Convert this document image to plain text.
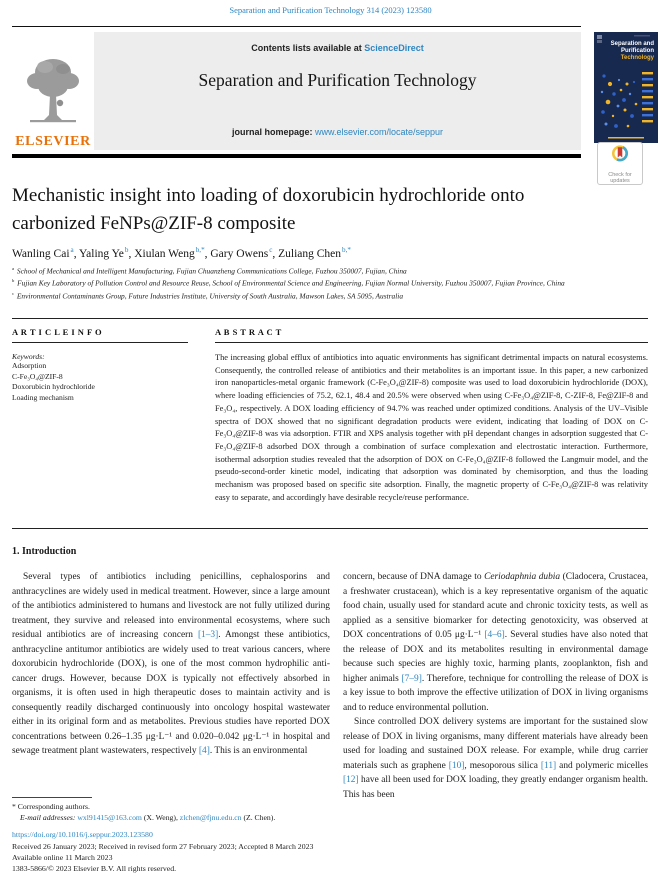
Separation and Purification Technology 314 (2023) 123580
ELSEVIER
Contents lists available at ScienceDirect
Separation and Purification Technology
journal homepage: www.elsevier.com/locate/seppur
Separation and
Purification
Technology
Check for
updates
Mechanistic insight into loading of doxorubicin hydrochloride onto
carbonized FeNPs@ZIF-8 composite
Wanling Cai$^a$, Yaling Ye$^b$, Xiulan Weng$^{b,*}$, Gary Owens$^c$, Zuliang Chen$^{b,*}$
$^a$ School of Mechanical and Intelligent Manufacturing, Fujian Chuanzheng Communications College, Fuzhou 350007, Fujian, China
$^b$ Fujian Key Laboratory of Pollution Control and Resource Reuse, School of Environmental Science and Engineering, Fujian Normal University, Fuzhou 350007, Fujian Province, China
$^c$ Environmental Contaminants Group, Future Industries Institute, University of South Australia, Mawson Lakes, SA 5095, Australia
A R T I C L E I N F O
Keywords:
Adsorption
C-Fe₃O₄@ZIF-8
Doxorubicin hydrochloride
Loading mechanism
A B S T R A C T
The increasing global efflux of antibiotics into aquatic environments has significant detrimental impacts on natural ecosystems. Consequently, the controlled release of antibiotics and their metabolites is an important issue. In this paper, a new carbonized iron nanoparticles-metal organic framework (C-Fe₃O₄@ZIF-8) composite was used to load doxorubicin hydrochloride (DOX), where loading efficiencies of 75.2, 62.1, 48.4 and 20.5% were observed when using C-Fe₃O₄@ZIF-8, C-ZIF-8, Fe@ZIF-8 and Fe₃O₄, respectively. A DOX loading efficiency of 94.7% was reached under optimized conditions. Analysis of the UV–Visible spectra of DOX showed that no significant degradation products were evident, indicating that loading of DOX on C-Fe₃O₄@ZIF-8 was via adsorption. FTIR and XPS analysis together with pH dependant changes in adsorption suggested that C-Fe₃O₄@ZIF-8 adsorbed DOX through a combination of surface complexation and electrostatic interaction. Furthermore, isothermal adsorption studies revealed that the adsorption of DOX on C-Fe₃O₄@ZIF-8 followed the Langmuir model, and the pseudo-second-order kinetic model, indicating that adsorption was dominated by chemisorption, and thus the loading mechanism was proposed based on specific site adsorption. Finally, the magnetic property of C-Fe₃O₄@ZIF-8 was relativity easy to separate, and accordingly have desirable recycle/reuse performance.
1. Introduction
Several types of antibiotics including penicillins, cephalosporins and anthracyclines are widely used in medical treatment. However, since a large amount of the antibiotics administered to humans and livestock are not fully utilized during treatment, they survive and released into environmental ecosystems, where such residual antibiotics are of increasing concern [1–3]. Amongst these antibiotics, anthracycline antitumor antibiotics are widely used to treat various cancers, where doxorubicin hydrochloride (DOX), is one of the most common hydrophilic anti-cancer drugs. However, because DOX is typically not effectively absorbed in organisms, it is often used in high therapeutic doses to maintain activity and is consequently readily discharged continuously into oncology hospital wastewater either in its original form and as metabolites. Previous studies have reported DOX concentrations between 0.26–1.35 μg·L⁻¹ and 0.020–0.042 μg·L⁻¹ in hospital and sewage treatment plant wastewaters, respectively [4]. This is an environmental
concern, because of DNA damage to Ceriodaphnia dubia (Cladocera, Crustacea, a freshwater crustacean), which is a key representative organism of the aquatic food chain, usually used for standard acute and chronic toxicity tests, as well as applied as a sensitive biomarker for detecting genotoxicity, was observed at DOX concentrations of 0.05 μg·L⁻¹ [4–6]. Several studies have also noted that the release of DOX and its metabolites resulting in environmental damage because such species are highly toxic, harming plants, zooplankton, fish and higher animals [7–9]. Therefore, technique for controlling the release of DOX is a key issue to both improve the effective utilization of DOX in living organisms and to reduce environmental pollution.
Since controlled DOX delivery systems are important for the sustained slow release of DOX in living organisms, many different materials have already been used for loading and sustained DOX release. For example, while drug carrier materials such as graphene [10], mesoporous silica [11] and polymeric micelles [12] have all been used for DOX loading, they greatly endanger organism health. This has been
* Corresponding authors.
E-mail addresses: wxl91415@163.com (X. Weng), zlchen@fjnu.edu.cn (Z. Chen).
https://doi.org/10.1016/j.seppur.2023.123580
Received 26 January 2023; Received in revised form 27 February 2023; Accepted 8 March 2023
Available online 11 March 2023
1383-5866/© 2023 Elsevier B.V. All rights reserved.
